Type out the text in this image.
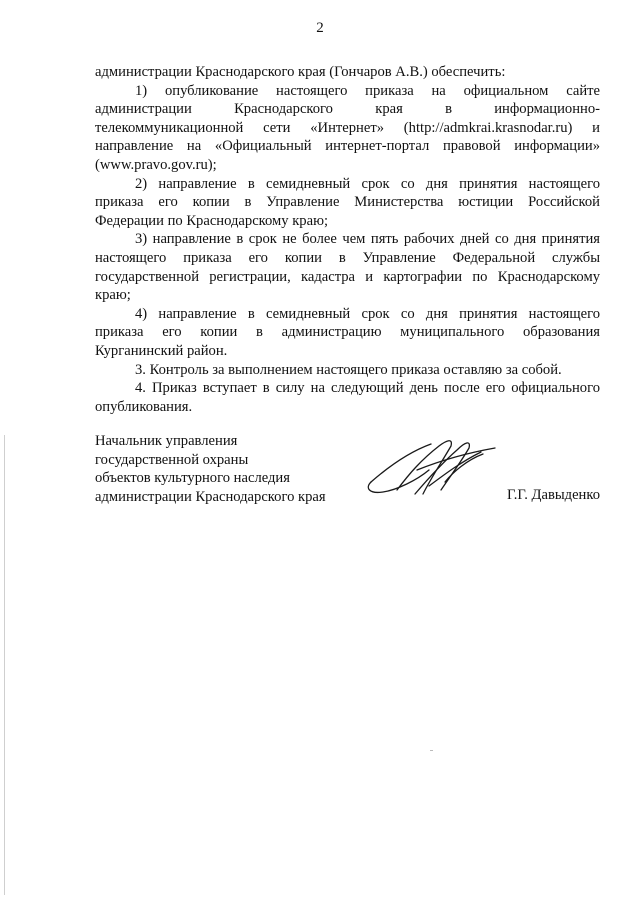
2

администрации Краснодарского края (Гончаров А.В.) обеспечить:

1) опубликование настоящего приказа на официальном сайте
администрации Краснодарского края в информационно-
телекоммуникационной сети «Интернет» (http://admkrai.krasnodar.ru) и
направление на «Официальный интернет-портал правовой информации»
(www.pravo.gov.ru);

2) направление в семидневный срок со дня принятия настоящего
приказа его копии в Управление Министерства юстиции Российской
Федерации по Краснодарскому краю;

3) направление в срок не более чем пять рабочих дней со дня принятия
настоящего приказа его копии в Управление Федеральной службы
государственной регистрации, кадастра и картографии по Краснодарскому
краю;

4) направление в семидневный срок со дня принятия настоящего
приказа его копии в администрацию муниципального образования
Курганинский район.

3. Контроль за выполнением настоящего приказа оставляю за собой.

4. Приказ вступает в силу на следующий день после его официального
опубликования.

Начальник управления
государственной охраны
объектов культурного наследия
администрации Краснодарского края	Г.Г. Давыденко
